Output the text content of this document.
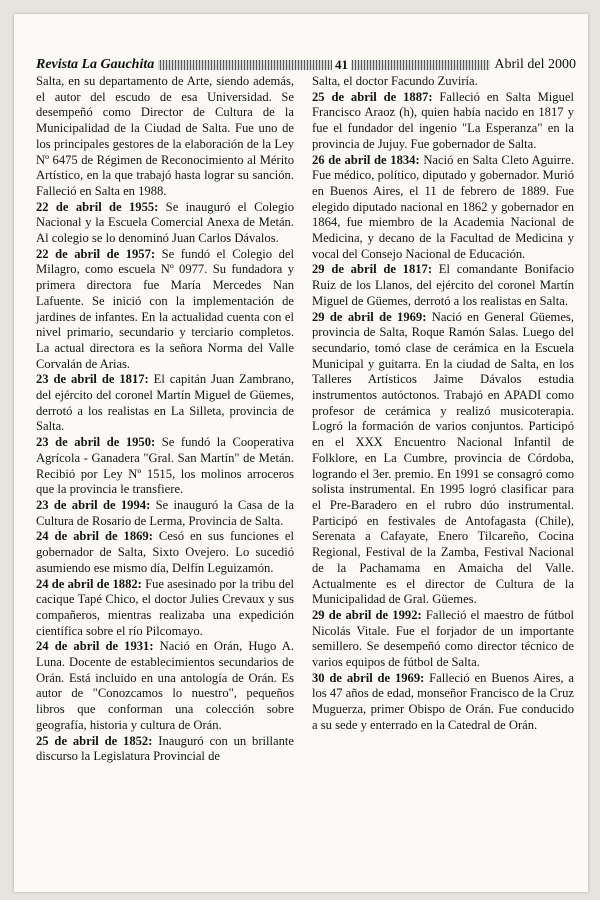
Revista La Gauchita	41	Abril del 2000

Salta, en su departamento de Arte, siendo además, el autor del escudo de esa Universidad. Se desempeñó como Director de Cultura de la Municipalidad de la Ciudad de Salta. Fue uno de los principales gestores de la elaboración de la Ley Nº 6475 de Régimen de Reconocimiento al Mérito Artístico, en la que trabajó hasta lograr su sanción. Falleció en Salta en 1988.

22 de abril de 1955: Se inauguró el Colegio Nacional y la Escuela Comercial Anexa de Metán. Al colegio se lo denominó Juan Carlos Dávalos.

22 de abril de 1957: Se fundó el Colegio del Milagro, como escuela Nº 0977. Su fundadora y primera directora fue María Mercedes Nan Lafuente. Se inició con la implementación de jardines de infantes. En la actualidad cuenta con el nivel primario, secundario y terciario completos. La actual directora es la señora Norma del Valle Corvalán de Arias.

23 de abril de 1817: El capitán Juan Zambrano, del ejército del coronel Martín Miguel de Güemes, derrotó a los realistas en La Silleta, provincia de Salta.

23 de abril de 1950: Se fundó la Cooperativa Agrícola - Ganadera "Gral. San Martín" de Metán. Recibió por Ley Nº 1515, los molinos arroceros que la provincia le transfiere.

23 de abril de 1994: Se inauguró la Casa de la Cultura de Rosario de Lerma, Provincia de Salta.

24 de abril de 1869: Cesó en sus funciones el gobernador de Salta, Sixto Ovejero. Lo sucedió asumiendo ese mismo día, Delfín Leguizamón.

24 de abril de 1882: Fue asesinado por la tribu del cacique Tapé Chico, el doctor Julies Crevaux y sus compañeros, mientras realizaba una expedición científica sobre el río Pilcomayo.

24 de abril de 1931: Nació en Orán, Hugo A. Luna. Docente de establecimientos secundarios de Orán. Está incluido en una antología de Orán. Es autor de "Conozcamos lo nuestro", pequeños libros que conforman una colección sobre geografía, historia y cultura de Orán.

25 de abril de 1852: Inauguró con un brillante discurso la Legislatura Provincial de

Salta, el doctor Facundo Zuviría.

25 de abril de 1887: Falleció en Salta Miguel Francisco Araoz (h), quien había nacido en 1817 y fue el fundador del ingenio "La Esperanza" en la provincia de Jujuy. Fue gobernador de Salta.

26 de abril de 1834: Nació en Salta Cleto Aguirre. Fue médico, político, diputado y gobernador. Murió en Buenos Aires, el 11 de febrero de 1889. Fue elegido diputado nacional en 1862 y gobernador en 1864, fue miembro de la Academia Nacional de Medicina, y decano de la Facultad de Medicina y vocal del Consejo Nacional de Educación.

29 de abril de 1817: El comandante Bonifacio Ruiz de los Llanos, del ejército del coronel Martín Miguel de Güemes, derrotó a los realistas en Salta.

29 de abril de 1969: Nació en General Güemes, provincia de Salta, Roque Ramón Salas. Luego del secundario, tomó clase de cerámica en la Escuela Municipal y guitarra. En la ciudad de Salta, en los Talleres Artísticos Jaime Dávalos estudia instrumentos autóctonos. Trabajó en APADI como profesor de cerámica y realizó musicoterapia. Logró la formación de varios conjuntos. Participó en el XXX Encuentro Nacional Infantil de Folklore, en La Cumbre, provincia de Córdoba, logrando el 3er. premio. En 1991 se consagró como solista instrumental. En 1995 logró clasificar para el Pre-Baradero en el rubro dúo instrumental. Participó en festivales de Antofagasta (Chile), Serenata a Cafayate, Enero Tilcareño, Cocina Regional, Festival de la Zamba, Festival Nacional de la Pachamama en Amaicha del Valle. Actualmente es el director de Cultura de la Municipalidad de Gral. Güemes.

29 de abril de 1992: Falleció el maestro de fútbol Nicolás Vitale. Fue el forjador de un importante semillero. Se desempeñó como director técnico de varios equipos de fútbol de Salta.

30 de abril de 1969: Falleció en Buenos Aires, a los 47 años de edad, monseñor Francisco de la Cruz Muguerza, primer Obispo de Orán. Fue conducido a su sede y enterrado en la Catedral de Orán.
